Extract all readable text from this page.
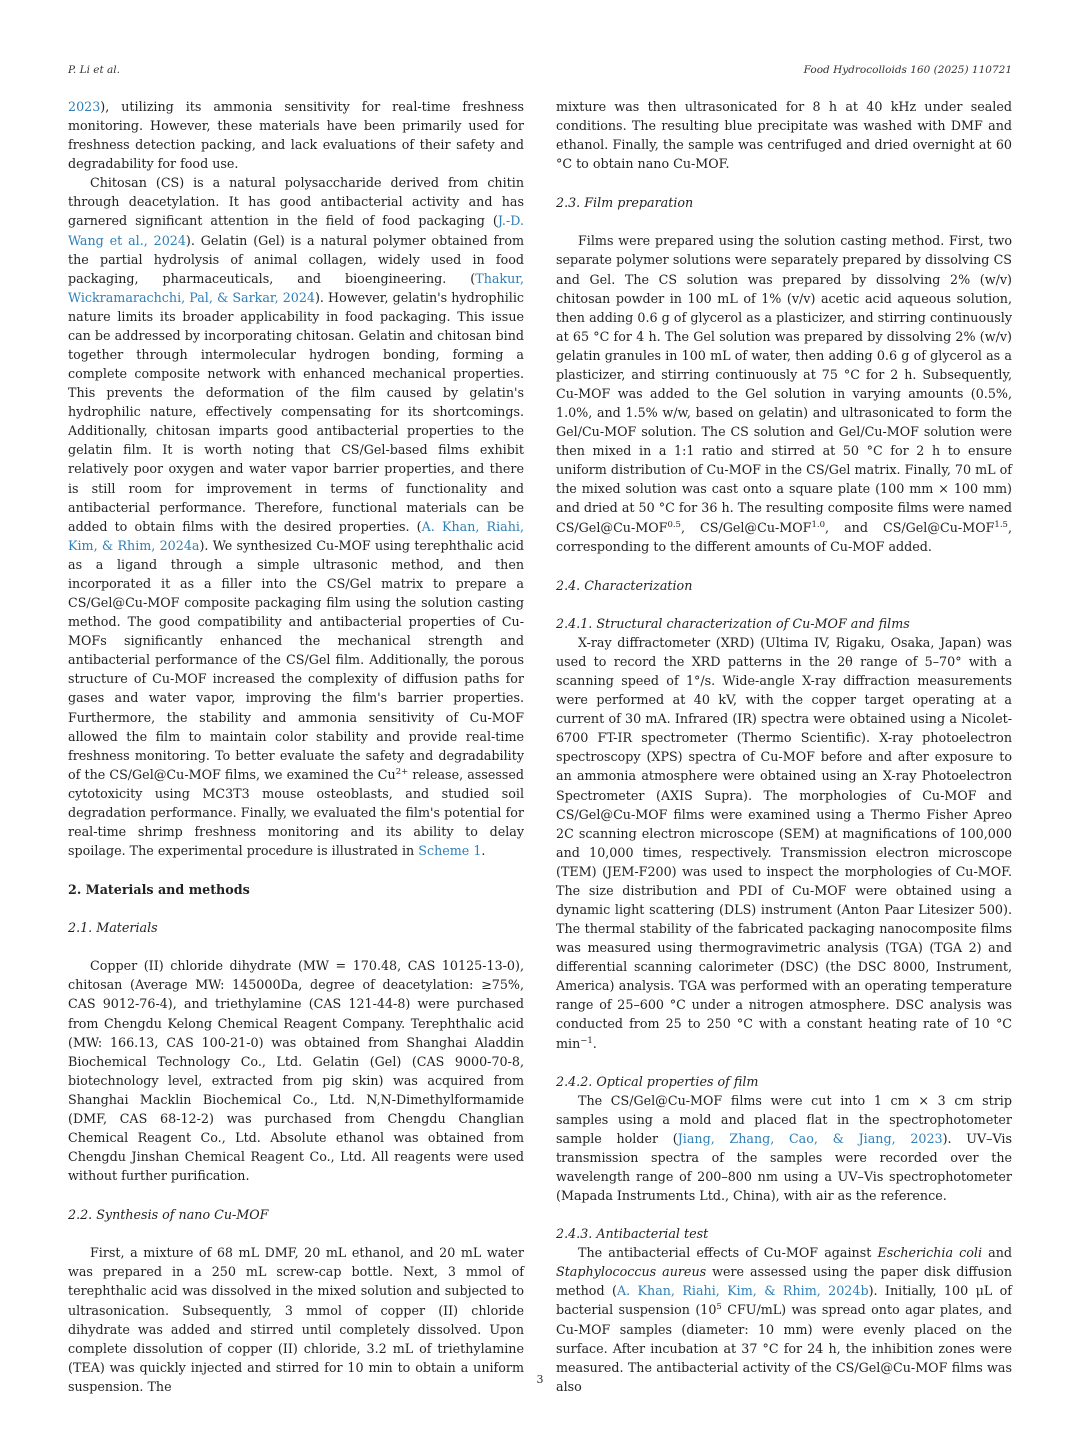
P. Li et al.	Food Hydrocolloids 160 (2025) 110721

2023), utilizing its ammonia sensitivity for real-time freshness monitoring. However, these materials have been primarily used for freshness detection packing, and lack evaluations of their safety and degradability for food use.

Chitosan (CS) is a natural polysaccharide derived from chitin through deacetylation. It has good antibacterial activity and has garnered significant attention in the field of food packaging (J.-D. Wang et al., 2024). Gelatin (Gel) is a natural polymer obtained from the partial hydrolysis of animal collagen, widely used in food packaging, pharmaceuticals, and bioengineering. (Thakur, Wickramarachchi, Pal, & Sarkar, 2024). However, gelatin's hydrophilic nature limits its broader applicability in food packaging. This issue can be addressed by incorporating chitosan. Gelatin and chitosan bind together through intermolecular hydrogen bonding, forming a complete composite network with enhanced mechanical properties. This prevents the deformation of the film caused by gelatin's hydrophilic nature, effectively compensating for its shortcomings. Additionally, chitosan imparts good antibacterial properties to the gelatin film. It is worth noting that CS/Gel-based films exhibit relatively poor oxygen and water vapor barrier properties, and there is still room for improvement in terms of functionality and antibacterial performance. Therefore, functional materials can be added to obtain films with the desired properties. (A. Khan, Riahi, Kim, & Rhim, 2024a). We synthesized Cu-MOF using terephthalic acid as a ligand through a simple ultrasonic method, and then incorporated it as a filler into the CS/Gel matrix to prepare a CS/Gel@Cu-MOF composite packaging film using the solution casting method. The good compatibility and antibacterial properties of Cu-MOFs significantly enhanced the mechanical strength and antibacterial performance of the CS/Gel film. Additionally, the porous structure of Cu-MOF increased the complexity of diffusion paths for gases and water vapor, improving the film's barrier properties. Furthermore, the stability and ammonia sensitivity of Cu-MOF allowed the film to maintain color stability and provide real-time freshness monitoring. To better evaluate the safety and degradability of the CS/Gel@Cu-MOF films, we examined the $Cu^{2+}$ release, assessed cytotoxicity using MC3T3 mouse osteoblasts, and studied soil degradation performance. Finally, we evaluated the film's potential for real-time shrimp freshness monitoring and its ability to delay spoilage. The experimental procedure is illustrated in Scheme 1.

2. Materials and methods
2.1. Materials

Copper (II) chloride dihydrate (MW = 170.48, CAS 10125-13-0), chitosan (Average MW: 145000Da, degree of deacetylation: ≥75%, CAS 9012-76-4), and triethylamine (CAS 121-44-8) were purchased from Chengdu Kelong Chemical Reagent Company. Terephthalic acid (MW: 166.13, CAS 100-21-0) was obtained from Shanghai Aladdin Biochemical Technology Co., Ltd. Gelatin (Gel) (CAS 9000-70-8, biotechnology level, extracted from pig skin) was acquired from Shanghai Macklin Biochemical Co., Ltd. N,N-Dimethylformamide (DMF, CAS 68-12-2) was purchased from Chengdu Changlian Chemical Reagent Co., Ltd. Absolute ethanol was obtained from Chengdu Jinshan Chemical Reagent Co., Ltd. All reagents were used without further purification.

2.2. Synthesis of nano Cu-MOF

First, a mixture of 68 mL DMF, 20 mL ethanol, and 20 mL water was prepared in a 250 mL screw-cap bottle. Next, 3 mmol of terephthalic acid was dissolved in the mixed solution and subjected to ultrasonication. Subsequently, 3 mmol of copper (II) chloride dihydrate was added and stirred until completely dissolved. Upon complete dissolution of copper (II) chloride, 3.2 mL of triethylamine (TEA) was quickly injected and stirred for 10 min to obtain a uniform suspension. The

mixture was then ultrasonicated for 8 h at 40 kHz under sealed conditions. The resulting blue precipitate was washed with DMF and ethanol. Finally, the sample was centrifuged and dried overnight at 60 °C to obtain nano Cu-MOF.

2.3. Film preparation

Films were prepared using the solution casting method. First, two separate polymer solutions were separately prepared by dissolving CS and Gel. The CS solution was prepared by dissolving 2% (w/v) chitosan powder in 100 mL of 1% (v/v) acetic acid aqueous solution, then adding 0.6 g of glycerol as a plasticizer, and stirring continuously at 65 °C for 4 h. The Gel solution was prepared by dissolving 2% (w/v) gelatin granules in 100 mL of water, then adding 0.6 g of glycerol as a plasticizer, and stirring continuously at 75 °C for 2 h. Subsequently, Cu-MOF was added to the Gel solution in varying amounts (0.5%, 1.0%, and 1.5% w/w, based on gelatin) and ultrasonicated to form the Gel/Cu-MOF solution. The CS solution and Gel/Cu-MOF solution were then mixed in a 1:1 ratio and stirred at 50 °C for 2 h to ensure uniform distribution of Cu-MOF in the CS/Gel matrix. Finally, 70 mL of the mixed solution was cast onto a square plate (100 mm × 100 mm) and dried at 50 °C for 36 h. The resulting composite films were named $CS/Gel@Cu-MOF^{0.5}$, $CS/Gel@Cu-MOF^{1.0}$, and $CS/Gel@Cu-MOF^{1.5}$, corresponding to the different amounts of Cu-MOF added.

2.4. Characterization
2.4.1. Structural characterization of Cu-MOF and films

X-ray diffractometer (XRD) (Ultima IV, Rigaku, Osaka, Japan) was used to record the XRD patterns in the 2θ range of 5–70° with a scanning speed of 1°/s. Wide-angle X-ray diffraction measurements were performed at 40 kV, with the copper target operating at a current of 30 mA. Infrared (IR) spectra were obtained using a Nicolet-6700 FT-IR spectrometer (Thermo Scientific). X-ray photoelectron spectroscopy (XPS) spectra of Cu-MOF before and after exposure to an ammonia atmosphere were obtained using an X-ray Photoelectron Spectrometer (AXIS Supra). The morphologies of Cu-MOF and CS/Gel@Cu-MOF films were examined using a Thermo Fisher Apreo 2C scanning electron microscope (SEM) at magnifications of 100,000 and 10,000 times, respectively. Transmission electron microscope (TEM) (JEM-F200) was used to inspect the morphologies of Cu-MOF. The size distribution and PDI of Cu-MOF were obtained using a dynamic light scattering (DLS) instrument (Anton Paar Litesizer 500). The thermal stability of the fabricated packaging nanocomposite films was measured using thermogravimetric analysis (TGA) (TGA 2) and differential scanning calorimeter (DSC) (the DSC 8000, Instrument, America) analysis. TGA was performed with an operating temperature range of 25–600 °C under a nitrogen atmosphere. DSC analysis was conducted from 25 to 250 °C with a constant heating rate of 10 °C $\min^{-1}$.

2.4.2. Optical properties of film

The CS/Gel@Cu-MOF films were cut into 1 cm × 3 cm strip samples using a mold and placed flat in the spectrophotometer sample holder (Jiang, Zhang, Cao, & Jiang, 2023). UV–Vis transmission spectra of the samples were recorded over the wavelength range of 200–800 nm using a UV–Vis spectrophotometer (Mapada Instruments Ltd., China), with air as the reference.

2.4.3. Antibacterial test

The antibacterial effects of Cu-MOF against Escherichia coli and Staphylococcus aureus were assessed using the paper disk diffusion method (A. Khan, Riahi, Kim, & Rhim, 2024b). Initially, 100 μL of bacterial suspension ($10^5$ CFU/mL) was spread onto agar plates, and Cu-MOF samples (diameter: 10 mm) were evenly placed on the surface. After incubation at 37 °C for 24 h, the inhibition zones were measured. The antibacterial activity of the CS/Gel@Cu-MOF films was also

3
